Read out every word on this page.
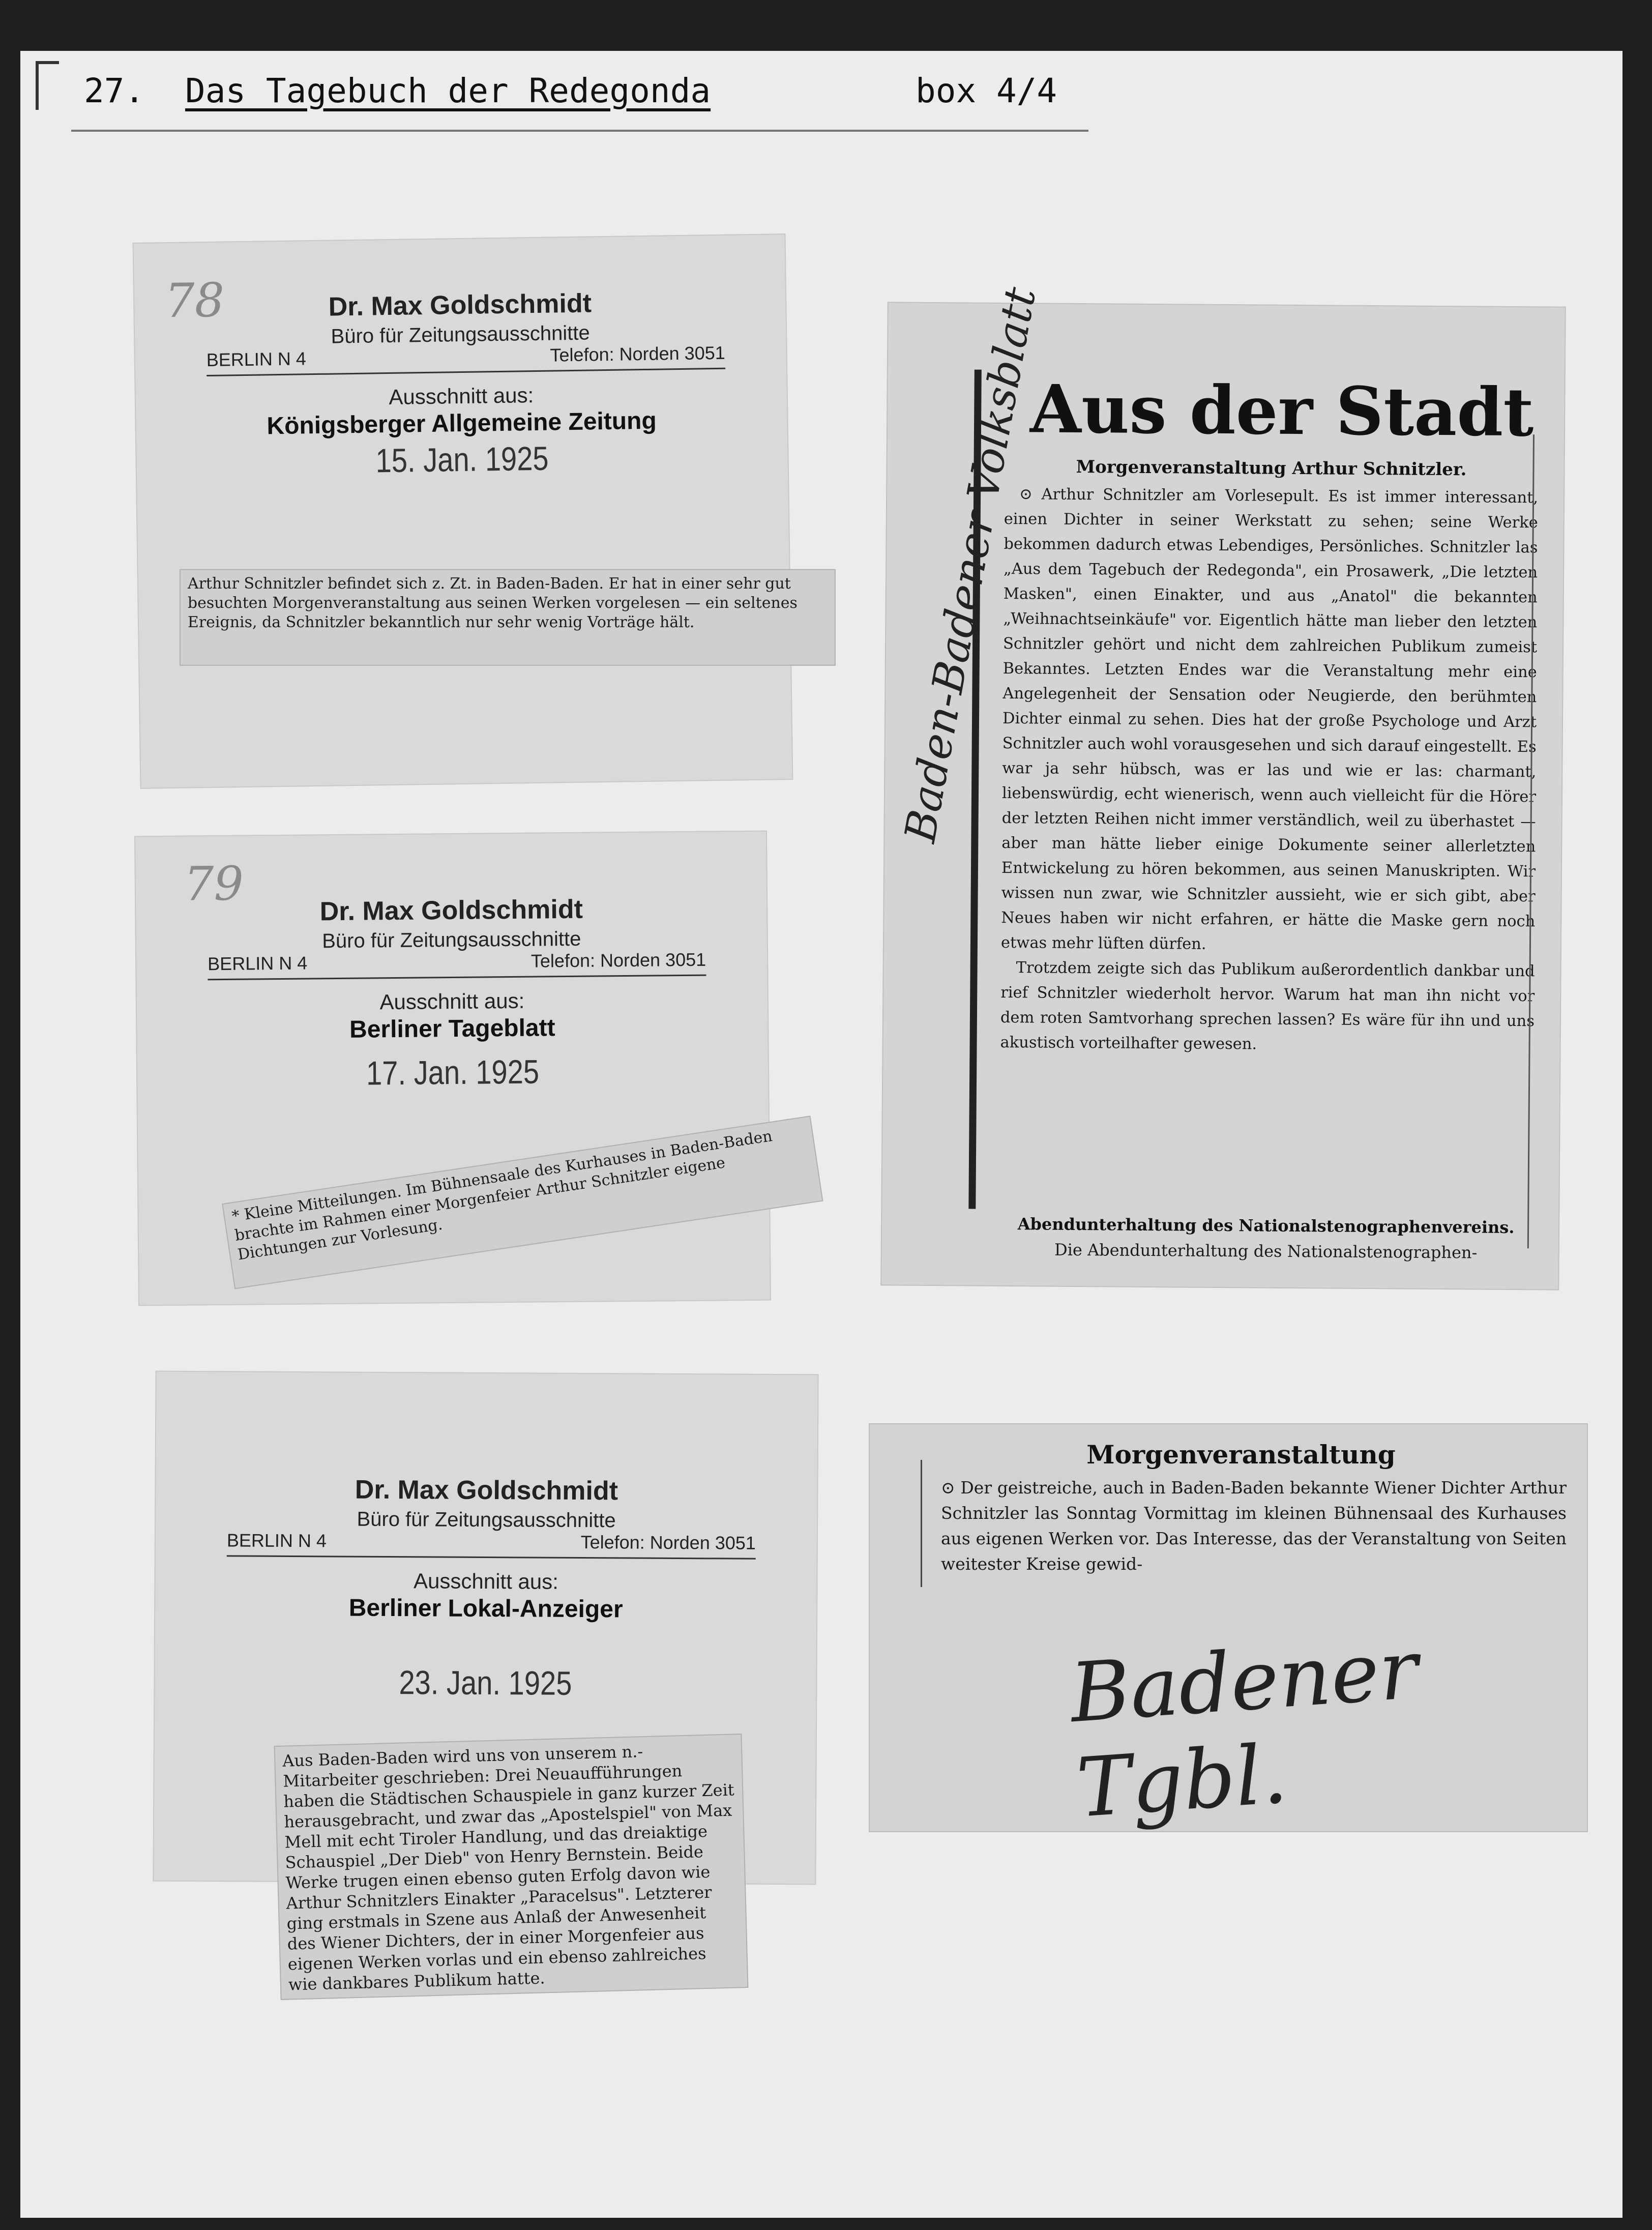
27. Das Tagebuch der Redegonda	box 4/4
78	Dr. Max Goldschmidt
Büro für Zeitungsausschnitte
BERLIN N 4	Telefon: Norden 3051
Ausschnitt aus:
Königsberger Allgemeine Zeitung
15. Jan. 1925
Arthur Schnitzler befindet sich z. Zt. in Baden-Baden. Er hat in einer sehr gut besuchten Morgenveranstaltung aus seinen Werken vorgelesen — ein seltenes Ereignis, da Schnitzler bekanntlich nur sehr wenig Vorträge hält.
79	Dr. Max Goldschmidt
Büro für Zeitungsausschnitte
BERLIN N 4	Telefon: Norden 3051
Ausschnitt aus:
Berliner Tageblatt
17. Jan. 1925
* Kleine Mitteilungen. Im Bühnensaale des Kurhauses in Baden-Baden brachte im Rahmen einer Morgenfeier Arthur Schnitzler eigene Dichtungen zur Vorlesung.
Dr. Max Goldschmidt
Büro für Zeitungsausschnitte
BERLIN N 4	Telefon: Norden 3051
Ausschnitt aus:
Berliner Lokal-Anzeiger
23. Jan. 1925
Aus Baden-Baden wird uns von unserem n.-Mitarbeiter geschrieben: Drei Neuaufführungen haben die Städtischen Schauspiele in ganz kurzer Zeit herausgebracht, und zwar das „Apostelspiel" von Max Mell mit echt Tiroler Handlung, und das dreiaktige Schauspiel „Der Dieb" von Henry Bernstein. Beide Werke trugen einen ebenso guten Erfolg davon wie Arthur Schnitzlers Einakter „Paracelsus". Letzterer ging erstmals in Szene aus Anlaß der Anwesenheit des Wiener Dichters, der in einer Morgenfeier aus eigenen Werken vorlas und ein ebenso zahlreiches wie dankbares Publikum hatte.
Baden-Badener Volksblatt
Aus der Stadt
Morgenveranstaltung Arthur Schnitzler.

⊙ Arthur Schnitzler am Vorlesepult. Es ist immer interessant, einen Dichter in seiner Werkstatt zu sehen; seine Werke bekommen dadurch etwas Lebendiges, Persönliches. Schnitzler las „Aus dem Tagebuch der Redegonda", ein Prosawerk, „Die letzten Masken", einen Einakter, und aus „Anatol" die bekannten „Weihnachtseinkäufe" vor. Eigentlich hätte man lieber den letzten Schnitzler gehört und nicht dem zahlreichen Publikum zumeist Bekanntes. Letzten Endes war die Veranstaltung mehr eine Angelegenheit der Sensation oder Neugierde, den berühmten Dichter einmal zu sehen. Dies hat der große Psychologe und Arzt Schnitzler auch wohl vorausgesehen und sich darauf eingestellt. Es war ja sehr hübsch, was er las und wie er las: charmant, liebenswürdig, echt wienerisch, wenn auch vielleicht für die Hörer der letzten Reihen nicht immer verständlich, weil zu überhastet — aber man hätte lieber einige Dokumente seiner allerletzten Entwickelung zu hören bekommen, aus seinen Manuskripten. Wir wissen nun zwar, wie Schnitzler aussieht, wie er sich gibt, aber Neues haben wir nicht erfahren, er hätte die Maske gern noch etwas mehr lüften dürfen.

Trotzdem zeigte sich das Publikum außerordentlich dankbar und rief Schnitzler wiederholt hervor. Warum hat man ihn nicht vor dem roten Samtvorhang sprechen lassen? Es wäre für ihn und uns akustisch vorteilhafter gewesen.

Abendunterhaltung des Nationalstenographenvereins.
Die Abendunterhaltung des Nationalstenographen-
Morgenveranstaltung
⊙ Der geistreiche, auch in Baden-Baden bekannte Wiener Dichter Arthur Schnitzler las Sonntag Vormittag im kleinen Bühnensaal des Kurhauses aus eigenen Werken vor. Das Interesse, das der Veranstaltung von Seiten weitester Kreise gewid-
Badener Tgbl.
